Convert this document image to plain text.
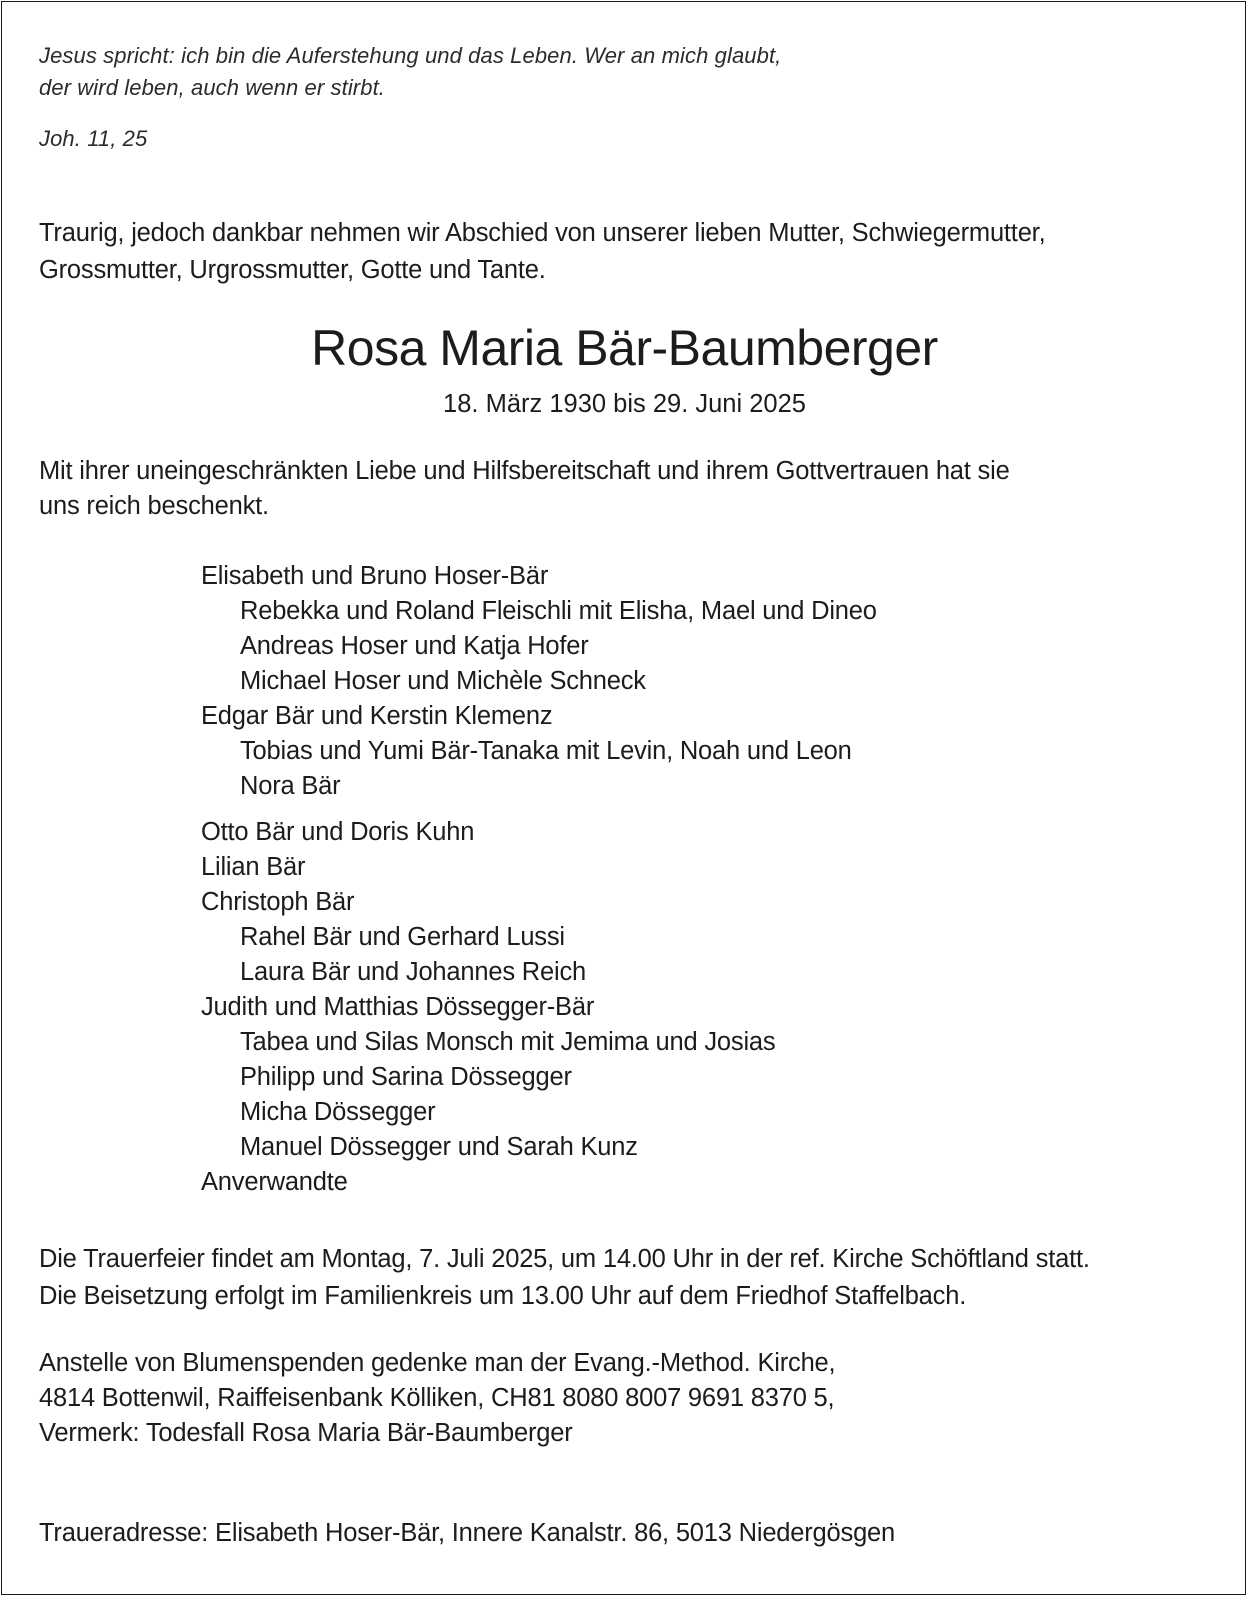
Jesus spricht: ich bin die Auferstehung und das Leben. Wer an mich glaubt,

der wird leben, auch wenn er stirbt.

Joh. 11, 25

Traurig, jedoch dankbar nehmen wir Abschied von unserer lieben Mutter, Schwiegermutter,

Grossmutter, Urgrossmutter, Gotte und Tante.

Rosa Maria Bär-Baumberger

18. März 1930 bis 29. Juni 2025

Mit ihrer uneingeschränkten Liebe und Hilfsbereitschaft und ihrem Gottvertrauen hat sie

uns reich beschenkt.

Elisabeth und Bruno Hoser-Bär

Rebekka und Roland Fleischli mit Elisha, Mael und Dineo

Andreas Hoser und Katja Hofer

Michael Hoser und Michèle Schneck

Edgar Bär und Kerstin Klemenz

Tobias und Yumi Bär-Tanaka mit Levin, Noah und Leon

Nora Bär

Otto Bär und Doris Kuhn

Lilian Bär

Christoph Bär

Rahel Bär und Gerhard Lussi

Laura Bär und Johannes Reich

Judith und Matthias Dössegger-Bär

Tabea und Silas Monsch mit Jemima und Josias

Philipp und Sarina Dössegger

Micha Dössegger

Manuel Dössegger und Sarah Kunz

Anverwandte

Die Trauerfeier findet am Montag, 7. Juli 2025, um 14.00 Uhr in der ref. Kirche Schöftland statt.

Die Beisetzung erfolgt im Familienkreis um 13.00 Uhr auf dem Friedhof Staffelbach.

Anstelle von Blumenspenden gedenke man der Evang.-Method. Kirche,

4814 Bottenwil, Raiffeisenbank Kölliken, CH81 8080 8007 9691 8370 5,

Vermerk: Todesfall Rosa Maria Bär-Baumberger

Traueradresse: Elisabeth Hoser-Bär, Innere Kanalstr. 86, 5013 Niedergösgen
